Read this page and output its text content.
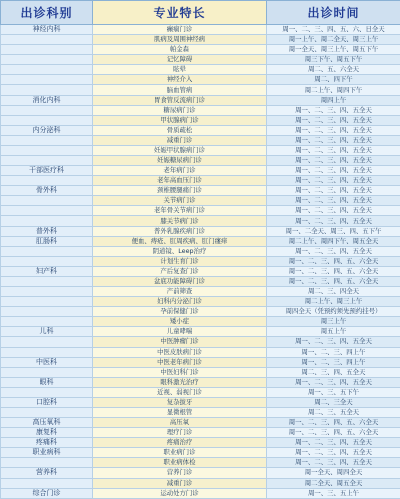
出诊科别	专业特长	出诊时间
神经内科	癫痫门诊	周一、二、三、四、五、六、日全天
	肌病及周围神经病	周一上午、周二全天、周三上午
	帕金森	周一全天、周三上午、周五下午
	记忆障碍	周三下午、周五下午
	眩晕	周二、五、六全天
	神经介入	周二、四下午
	脑血管病	周二上午、周四下午
消化内科	胃食管反流病门诊	周四上午
	糖尿病门诊	周一、二、三、四、五全天
	甲状腺病门诊	周一、二、三、四、五全天
内分泌科	骨质疏松	周一、二、三、四、五全天
	减重门诊	周一、二、三、四、五全天
	妊娠甲状腺病门诊	周一、二、三、四、五全天
	妊娠糖尿病门诊	周一、二、三、四、五全天
干部医疗科	老年病门诊	周一、二、三、四、五全天
	老年高血压门诊	周一、二、三、四、五全天
骨外科	颈椎腰腿痛门诊	周一、二、三、四、五全天
	关节病门诊	周一、二、三、四、五全天
	老年骨关节病门诊	周一、二、三、四、五全天
	膝关节病门诊	周一、二、三、四、五全天
普外科	普外乳腺疾病门诊	周一、二全天、周三、四、五下午
肛肠科	便血、痔疮、肛周疾病、肛门瘙痒	周二上午、周四下午、周五全天
	阴道镜、Leep治疗	周一、二、三、四、五全天
	计划生育门诊	周一、二、三、四、五、六全天
妇产科	产后复查门诊	周一、二、三、四、五、六全天
	盆底功能障碍门诊	周一、二、三、四、五、六全天
	产前筛查	周二、三、四全天
	妇科内分泌门诊	周二上午、周三上午
	孕前保健门诊	周四全天（凭预约须先预约挂号）
	矮小症	周三上午
儿科	儿童哮喘	周五上午
	中医肿瘤门诊	周一、二、三、四、五全天
	中医皮肤病门诊	周一、二、三、四上午
中医科	中医老年病门诊	周一、二、三、四上午
	中医妇科门诊	周二、三、四、五全天
眼科	眼科激光治疗	周一、二、三、四、五全天
	近视、弱视门诊	周一、三、五下午
口腔科	复杂拔牙	周二、三全天
	显微根管	周二、三、五全天
高压氧科	高压氧	周一、二、三、四、五、六全天
康复科	理疗门诊	周一、二、三、四、五、六全天
疼痛科	疼痛治疗	周一、二、三、四、五全天
职业病科	职业病门诊	周一、二、三、四、五全天
	职业病体检	周一、二、三、四、五全天
营养科	营养门诊	周一全天、周四全天
	减重门诊	周二全天、周五全天
综合门诊	运动处方门诊	周一、三、五上午
